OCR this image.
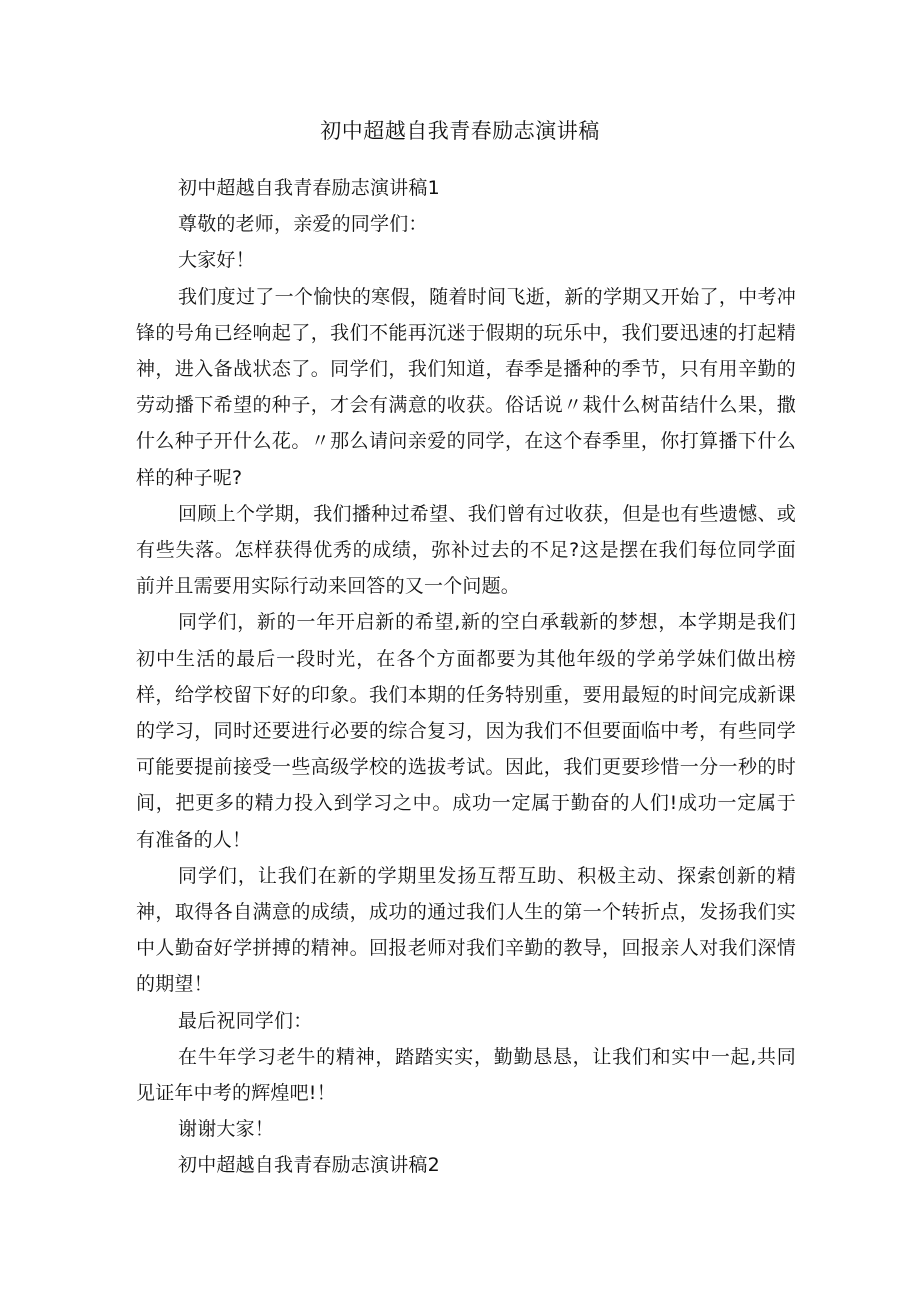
初中超越自我青春励志演讲稿

初中超越自我青春励志演讲稿1

尊敬的老师，亲爱的同学们：

大家好！

我们度过了一个愉快的寒假，随着时间飞逝，新的学期又开始了，中考冲锋的号角已经响起了，我们不能再沉迷于假期的玩乐中，我们要迅速的打起精神，进入备战状态了。同学们，我们知道，春季是播种的季节，只有用辛勤的劳动播下希望的种子，才会有满意的收获。俗话说〃栽什么树苗结什么果，撒什么种子开什么花。〃那么请问亲爱的同学，在这个春季里，你打算播下什么样的种子呢?

回顾上个学期，我们播种过希望、我们曾有过收获，但是也有些遗憾、或有些失落。怎样获得优秀的成绩，弥补过去的不足?这是摆在我们每位同学面前并且需要用实际行动来回答的又一个问题。

同学们，新的一年开启新的希望,新的空白承载新的梦想，本学期是我们初中生活的最后一段时光，在各个方面都要为其他年级的学弟学妹们做出榜样，给学校留下好的印象。我们本期的任务特别重，要用最短的时间完成新课的学习，同时还要进行必要的综合复习，因为我们不但要面临中考，有些同学可能要提前接受一些高级学校的选拔考试。因此，我们更要珍惜一分一秒的时间，把更多的精力投入到学习之中。成功一定属于勤奋的人们!成功一定属于有准备的人！

同学们，让我们在新的学期里发扬互帮互助、积极主动、探索创新的精神，取得各自满意的成绩，成功的通过我们人生的第一个转折点，发扬我们实中人勤奋好学拼搏的精神。回报老师对我们辛勤的教导，回报亲人对我们深情的期望！

最后祝同学们：

在牛年学习老牛的精神，踏踏实实，勤勤恳恳，让我们和实中一起,共同见证年中考的辉煌吧!！

谢谢大家！

初中超越自我青春励志演讲稿2
